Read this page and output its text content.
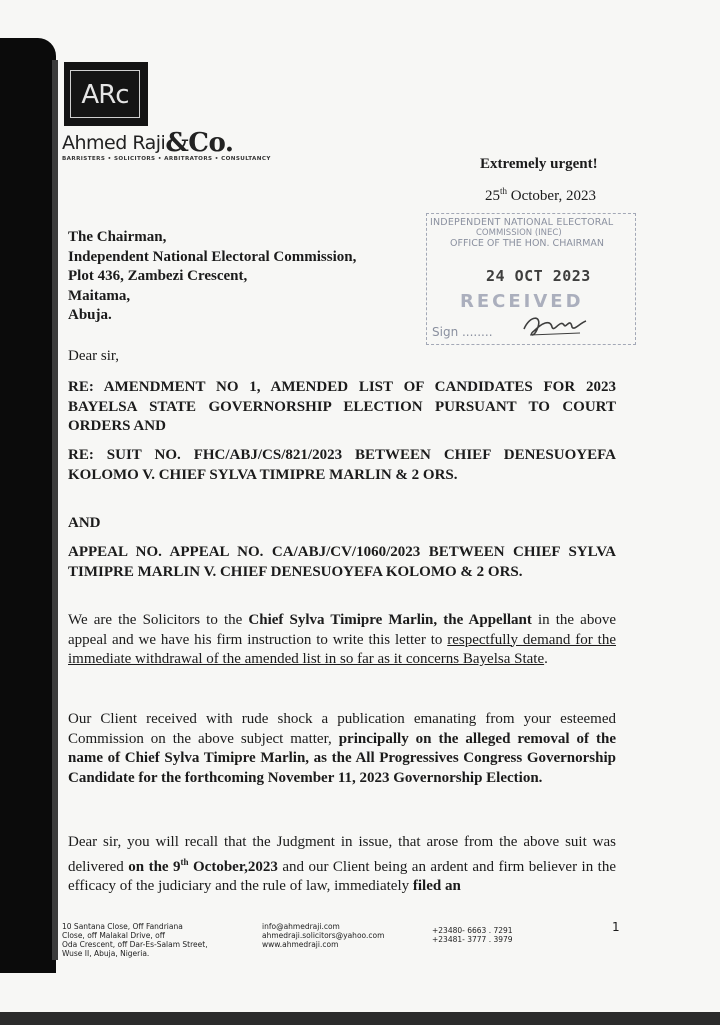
ARc
Ahmed Raji&Co.
BARRISTERS • SOLICITORS • ARBITRATORS • CONSULTANCY	Extremely urgent!
25th October, 2023
The Chairman,
Independent National Electoral Commission,
Plot 436, Zambezi Crescent,
Maitama,
Abuja.
INDEPENDENT NATIONAL ELECTORAL
COMMISSION (INEC)
OFFICE OF THE HON. CHAIRMAN
24 OCT 2023
RECEIVED
Sign ........
Dear sir,
RE: AMENDMENT NO 1, AMENDED LIST OF CANDIDATES FOR 2023 BAYELSA STATE GOVERNORSHIP ELECTION PURSUANT TO COURT ORDERS AND
RE: SUIT NO. FHC/ABJ/CS/821/2023 BETWEEN CHIEF DENESUOYEFA KOLOMO V. CHIEF SYLVA TIMIPRE MARLIN & 2 ORS.
AND
APPEAL NO. APPEAL NO. CA/ABJ/CV/1060/2023 BETWEEN CHIEF SYLVA TIMIPRE MARLIN V. CHIEF DENESUOYEFA KOLOMO & 2 ORS.
We are the Solicitors to the Chief Sylva Timipre Marlin, the Appellant in the above appeal and we have his firm instruction to write this letter to respectfully demand for the immediate withdrawal of the amended list in so far as it concerns Bayelsa State.
Our Client received with rude shock a publication emanating from your esteemed Commission on the above subject matter, principally on the alleged removal of the name of Chief Sylva Timipre Marlin, as the All Progressives Congress Governorship Candidate for the forthcoming November 11, 2023 Governorship Election.
Dear sir, you will recall that the Judgment in issue, that arose from the above suit was delivered on the 9th October,2023 and our Client being an ardent and firm believer in the efficacy of the judiciary and the rule of law, immediately filed an
10 Santana Close, Off Fandriana
Close, off Malakal Drive, off
Oda Crescent, off Dar-Es-Salam Street,
Wuse II, Abuja, Nigeria.
info@ahmedraji.com
ahmedraji.solicitors@yahoo.com
www.ahmedraji.com
+23480- 6663 . 7291
+23481- 3777 . 3979
1
